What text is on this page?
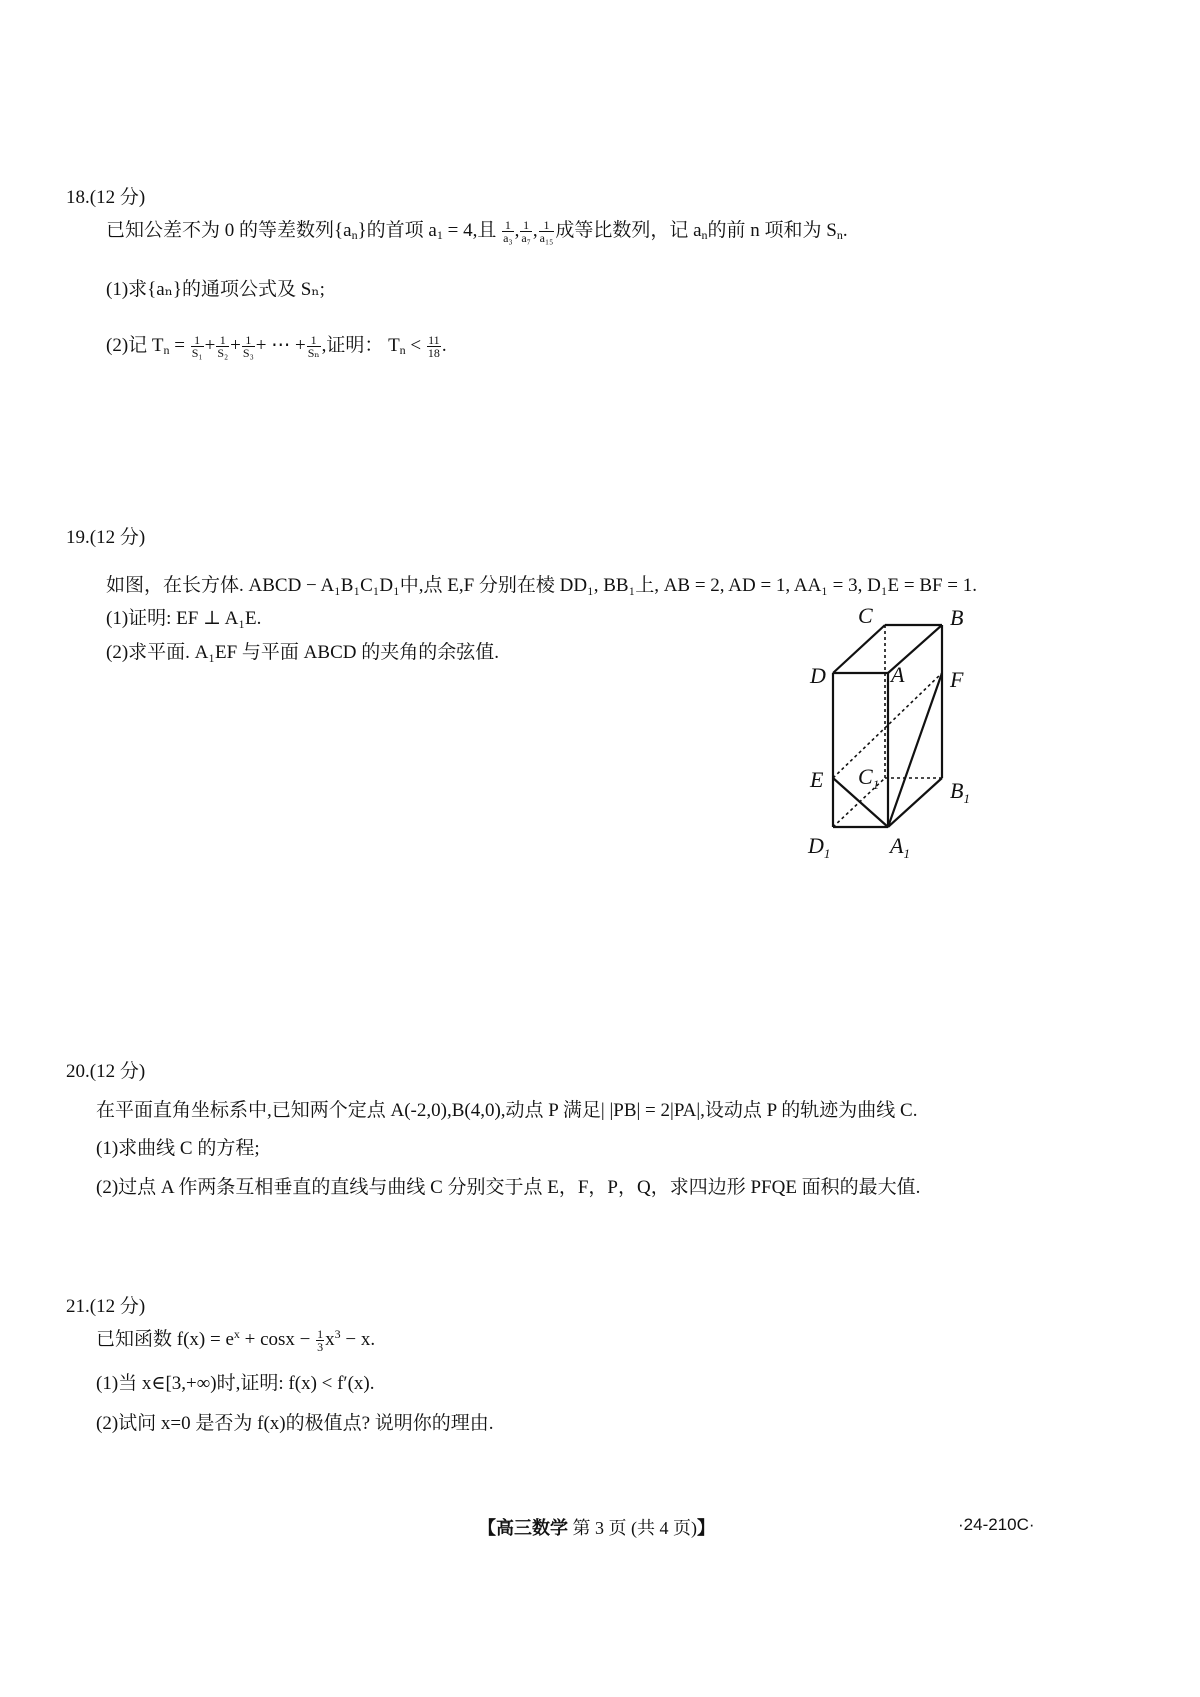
18.(12 分)
已知公差不为 0 的等差数列$\{a_n\}$的首项 $a_1 = 4$,且 $\frac{1}{\text{a₃}}$ , $\frac{1}{\text{a₇}}$ , $\frac{1}{\text{a₁₅}}$ 成等比数列，记 $a_n$的前 n 项和为 $S_n$.
(1)求{aₙ}的通项公式及 Sₙ;
(2)记 $T_n = \frac{1}{\text{S₁}} + \frac{1}{\text{S₂}} + \frac{1}{\text{S₃}}$ + ⋯ + $\frac{1}{\text{Sₙ}}$ ,证明： $T_n < \frac{11}{18}$ .
19.(12 分)
如图，在长方体. ABCD − A₁B₁C₁D₁中,点 E,F 分别在棱 DD₁, BB₁上, AB = 2, AD = 1, AA₁ = 3, D₁E = BF = 1.
(1)证明: EF ⊥ A₁E.
(2)求平面. A₁EF 与平面 ABCD 的夹角的余弦值.
C	B
D	A F
E $C_1$	$B_1$
$D_1$	$A_1$
20.(12 分)
在平面直角坐标系中,已知两个定点 A(-2,0),B(4,0),动点 P 满足| |PB| = 2|PA|,设动点 P 的轨迹为曲线 C.
(1)求曲线 C 的方程;
(2)过点 A 作两条互相垂直的直线与曲线 C 分别交于点 E，F，P，Q，求四边形 PFQE 面积的最大值.
21.(12 分)
已知函数 $f(x) = e^x + \cos x - \frac{1}{3} x^3 - x$.
(1)当 x∈[3,+∞)时,证明: f(x) < f′(x).
(2)试问 x=0 是否为 f(x)的极值点? 说明你的理由.
【高三数学 第 3 页 (共 4 页)】	·24-210C·
